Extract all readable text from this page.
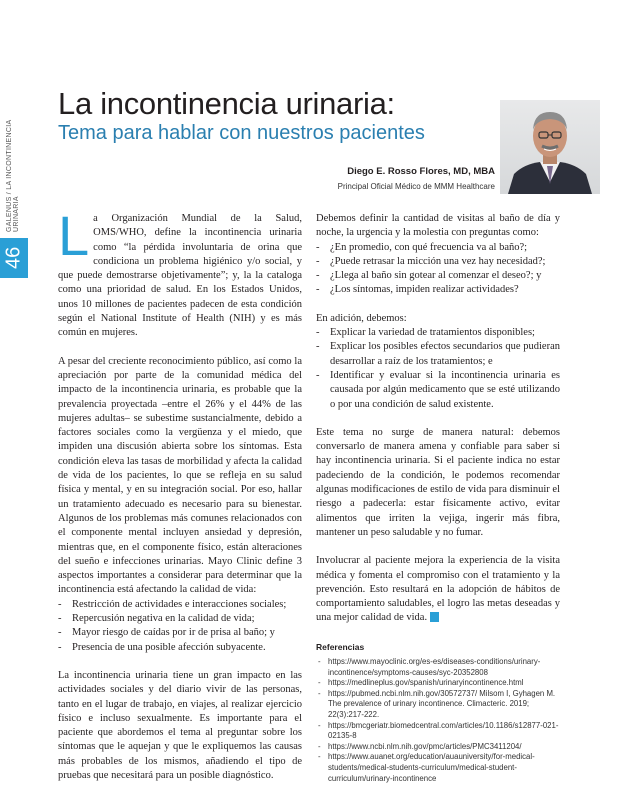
GALENUS / LA INCONTINENCIA URINARIA
46
La incontinencia urinaria:
Tema para hablar con nuestros pacientes
Diego E. Rosso Flores, MD, MBA
Principal Oficial Médico de MMM Healthcare

La Organización Mundial de la Salud, OMS/WHO, define la incontinencia urinaria como “la pérdida involuntaria de orina que condiciona un problema higiénico y/o social, y que puede demostrarse objetivamente”; y, la la cataloga como una prioridad de salud. En los Estados Unidos, unos 10 millones de pacientes padecen de esta condición según el National Institute of Health (NIH) y es más común en mujeres.

A pesar del creciente reconocimiento público, así como la apreciación por parte de la comunidad médica del impacto de la incontinencia urinaria, es probable que la prevalencia proyectada –entre el 26% y el 44% de las mujeres adultas– se subestime sustancialmente, debido a factores sociales como la vergüenza y el miedo, que impiden una discusión abierta sobre los síntomas. Esta condición eleva las tasas de morbilidad y afecta la calidad de vida de los pacientes, lo que se refleja en su salud física y mental, y en su integración social. Por eso, hallar un tratamiento adecuado es necesario para su bienestar. Algunos de los problemas más comunes relacionados con el componente mental incluyen ansiedad y depresión, mientras que, en el componente físico, están alteraciones del sueño e infecciones urinarias. Mayo Clinic define 3 aspectos importantes a considerar para determinar que la incontinencia está afectando la calidad de vida:

- Restricción de actividades e interacciones sociales;
- Repercusión negativa en la calidad de vida;
- Mayor riesgo de caídas por ir de prisa al baño; y
- Presencia de una posible afección subyacente.

La incontinencia urinaria tiene un gran impacto en las actividades sociales y del diario vivir de las personas, tanto en el lugar de trabajo, en viajes, al realizar ejercicio físico e incluso sexualmente. Es importante para el paciente que abordemos el tema al preguntar sobre los síntomas que le aquejan y que le expliquemos las causas más probables de los mismos, añadiendo el tipo de pruebas que necesitará para un posible diagnóstico.

Debemos definir la cantidad de visitas al baño de día y noche, la urgencia y la molestia con preguntas como:

- ¿En promedio, con qué frecuencia va al baño?;
- ¿Puede retrasar la micción una vez hay necesidad?;
- ¿Llega al baño sin gotear al comenzar el deseo?; y
- ¿Los síntomas, impiden realizar actividades?

En adición, debemos:

- Explicar la variedad de tratamientos disponibles;
- Explicar los posibles efectos secundarios que pudieran desarrollar a raíz de los tratamientos; e
- Identificar y evaluar si la incontinencia urinaria es causada por algún medicamento que se esté utilizando o por una condición de salud existente.

Este tema no surge de manera natural: debemos conversarlo de manera amena y confiable para saber si hay incontinencia urinaria. Si el paciente indica no estar padeciendo de la condición, le podemos recomendar algunas modificaciones de estilo de vida para disminuir el riesgo a padecerla: estar físicamente activo, evitar alimentos que irriten la vejiga, ingerir más fibra, mantener un peso saludable y no fumar.

Involucrar al paciente mejora la experiencia de la visita médica y fomenta el compromiso con el tratamiento y la prevención. Esto resultará en la adopción de hábitos de comportamiento saludables, el logro las metas deseadas y una mejor calidad de vida.

Referencias
- https://www.mayoclinic.org/es-es/diseases-conditions/urinary-incontinence/symptoms-causes/syc-20352808
- https://medlineplus.gov/spanish/urinaryincontinence.html
- https://pubmed.ncbi.nlm.nih.gov/30572737/ Milsom I, Gyhagen M. The prevalence of urinary incontinence. Climacteric. 2019; 22(3):217-222.
- https://bmcgeriatr.biomedcentral.com/articles/10.1186/s12877-021-02135-8
- https://www.ncbi.nlm.nih.gov/pmc/articles/PMC3411204/
- https://www.auanet.org/education/auauniversity/for-medical-students/medical-students-curriculum/medical-student-curriculum/urinary-incontinence
